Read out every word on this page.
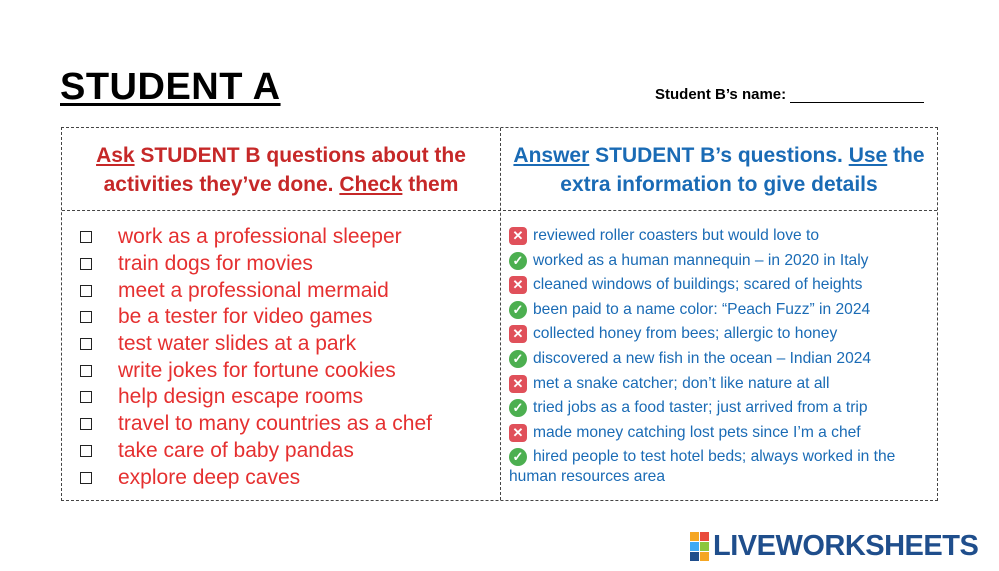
STUDENT A	Student B’s name:
Ask STUDENT B questions about the activities they’ve done. Check them
Answer STUDENT B’s questions. Use the extra information to give details
work as a professional sleeper
train dogs for movies
meet a professional mermaid
be a tester for video games
test water slides at a park
write jokes for fortune cookies
help design escape rooms
travel to many countries as a chef
take care of baby pandas
explore deep caves
✕ reviewed roller coasters but would love to
✓ worked as a human mannequin – in 2020 in Italy
✕ cleaned windows of buildings; scared of heights
✓ been paid to a name color: “Peach Fuzz” in 2024
✕ collected honey from bees; allergic to honey
✓ discovered a new fish in the ocean – Indian 2024
✕ met a snake catcher; don’t like nature at all
✓ tried jobs as a food taster; just arrived from a trip
✕ made money catching lost pets since I’m a chef
✓ hired people to test hotel beds; always worked in the human resources area
LIVEWORKSHEETS
